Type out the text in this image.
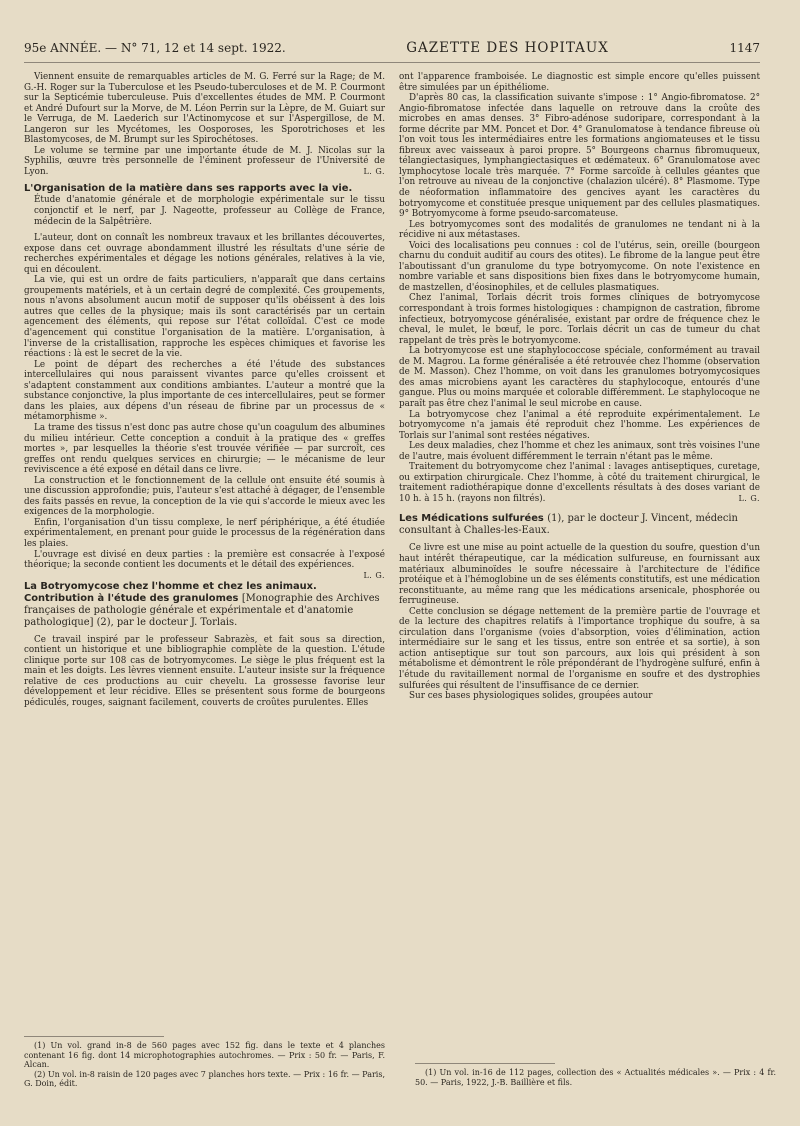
95e ANNÉE. — N° 71, 12 et 14 sept. 1922.	GAZETTE DES HOPITAUX	1147

Viennent ensuite de remarquables articles de M. G. Ferré sur la Rage; de M. G.-H. Roger sur la Tuberculose et les Pseudo-tuberculoses et de M. P. Courmont sur la Septicémie tuberculeuse. Puis d'excellentes études de MM. P. Courmont et André Dufourt sur la Morve, de M. Léon Perrin sur la Lèpre, de M. Guiart sur le Verruga, de M. Laederich sur l'Actinomycose et sur l'Aspergillose, de M. Langeron sur les Mycétomes, les Oosporoses, les Sporotrichoses et les Blastomycoses, de M. Brumpt sur les Spirochétoses.

Le volume se termine par une importante étude de M. J. Nicolas sur la Syphilis, œuvre très personnelle de l'éminent professeur de l'Université de Lyon.	L. G.

L'Organisation de la matière dans ses rapports avec la vie.
Étude d'anatomie générale et de morphologie expérimentale sur le tissu conjonctif et le nerf, par J. Nageotte, professeur au Collège de France, médecin de la Salpêtrière.

L'auteur, dont on connaît les nombreux travaux et les brillantes découvertes, expose dans cet ouvrage abondamment illustré les résultats d'une série de recherches expérimentales et dégage les notions générales, relatives à la vie, qui en découlent.

La vie, qui est un ordre de faits particuliers, n'apparaît que dans certains groupements matériels, et à un certain degré de complexité. Ces groupements, nous n'avons absolument aucun motif de supposer qu'ils obéissent à des lois autres que celles de la physique; mais ils sont caractérisés par un certain agencement des éléments, qui repose sur l'état colloïdal. C'est ce mode d'agencement qui constitue l'organisation de la matière. L'organisation, à l'inverse de la cristallisation, rapproche les espèces chimiques et favorise les réactions : là est le secret de la vie.

Le point de départ des recherches a été l'étude des substances intercellulaires qui nous paraissent vivantes parce qu'elles croissent et s'adaptent constamment aux conditions ambiantes. L'auteur a montré que la substance conjonctive, la plus importante de ces intercellulaires, peut se former dans les plaies, aux dépens d'un réseau de fibrine par un processus de « métamorphisme ».

La trame des tissus n'est donc pas autre chose qu'un coagulum des albumines du milieu intérieur. Cette conception a conduit à la pratique des « greffes mortes », par lesquelles la théorie s'est trouvée vérifiée — par surcroît, ces greffes ont rendu quelques services en chirurgie; — le mécanisme de leur reviviscence a été exposé en détail dans ce livre.

La construction et le fonctionnement de la cellule ont ensuite été soumis à une discussion approfondie; puis, l'auteur s'est attaché à dégager, de l'ensemble des faits passés en revue, la conception de la vie qui s'accorde le mieux avec les exigences de la morphologie.

Enfin, l'organisation d'un tissu complexe, le nerf périphérique, a été étudiée expérimentalement, en prenant pour guide le processus de la régénération dans les plaies.

L'ouvrage est divisé en deux parties : la première est consacrée à l'exposé théorique; la seconde contient les documents et le détail des expériences.
L. G.

La Botryomycose chez l'homme et chez les animaux. Contribution à l'étude des granulomes [Monographie des Archives françaises de pathologie générale et expérimentale et d'anatomie pathologique] (2), par le docteur J. Torlais.

Ce travail inspiré par le professeur Sabrazès, et fait sous sa direction, contient un historique et une bibliographie complète de la question. L'étude clinique porte sur 108 cas de botryomycomes. Le siège le plus fréquent est la main et les doigts. Les lèvres viennent ensuite. L'auteur insiste sur la fréquence relative de ces productions au cuir chevelu. La grossesse favorise leur développement et leur récidive. Elles se présentent sous forme de bourgeons pédiculés, rouges, saignant facilement, couverts de croûtes purulentes. Elles

ont l'apparence framboisée. Le diagnostic est simple encore qu'elles puissent être simulées par un épithéliome.

D'après 80 cas, la classification suivante s'impose : 1° Angio-fibromatose. 2° Angio-fibromatose infectée dans laquelle on retrouve dans la croûte des microbes en amas denses. 3° Fibro-adénose sudoripare, correspondant à la forme décrite par MM. Poncet et Dor. 4° Granulomatose à tendance fibreuse où l'on voit tous les intermédiaires entre les formations angiomateuses et le tissu fibreux avec vaisseaux à paroi propre. 5° Bourgeons charnus fibromuqueux, télangiectasiques, lymphangiectasiques et œdémateux. 6° Granulomatose avec lymphocytose locale très marquée. 7° Forme sarcoïde à cellules géantes que l'on retrouve au niveau de la conjonctive (chalazion ulcéré). 8° Plasmome. Type de néoformation inflammatoire des gencives ayant les caractères du botryomycome et constituée presque uniquement par des cellules plasmatiques. 9° Botryomycome à forme pseudo-sarcomateuse.

Les botryomycomes sont des modalités de granulomes ne tendant ni à la récidive ni aux métastases.

Voici des localisations peu connues : col de l'utérus, sein, oreille (bourgeon charnu du conduit auditif au cours des otites). Le fibrome de la langue peut être l'aboutissant d'un granulome du type botryomycome. On note l'existence en nombre variable et sans dispositions bien fixes dans le botryomycome humain, de mastzellen, d'éosinophiles, et de cellules plasmatiques.

Chez l'animal, Torlais décrit trois formes cliniques de botryomycose correspondant à trois formes histologiques : champignon de castration, fibrome infectieux, botryomycose généralisée, existant par ordre de fréquence chez le cheval, le mulet, le bœuf, le porc. Torlais décrit un cas de tumeur du chat rappelant de très près le botryomycome.

La botryomycose est une staphylococcose spéciale, conformément au travail de M. Magrou. La forme généralisée a été retrouvée chez l'homme (observation de M. Masson). Chez l'homme, on voit dans les granulomes botryomycosiques des amas microbiens ayant les caractères du staphylocoque, entourés d'une gangue. Plus ou moins marquée et colorable différemment. Le staphylocoque ne paraît pas être chez l'animal le seul microbe en cause.

La botryomycose chez l'animal a été reproduite expérimentalement. Le botryomycome n'a jamais été reproduit chez l'homme. Les expériences de Torlais sur l'animal sont restées négatives.

Les deux maladies, chez l'homme et chez les animaux, sont très voisines l'une de l'autre, mais évoluent différemment le terrain n'étant pas le même.

Traitement du botryomycome chez l'animal : lavages antiseptiques, curetage, ou extirpation chirurgicale. Chez l'homme, à côté du traitement chirurgical, le traitement radiothérapique donne d'excellents résultats à des doses variant de 10 h. à 15 h. (rayons non filtrés).	L. G.

Les Médications sulfurées (1), par le docteur J. Vincent, médecin consultant à Challes-les-Eaux.

Ce livre est une mise au point actuelle de la question du soufre, question d'un haut intérêt thérapeutique, car la médication sulfureuse, en fournissant aux matériaux albuminoïdes le soufre nécessaire à l'architecture de l'édifice protéique et à l'hémoglobine un de ses éléments constitutifs, est une médication reconstituante, au même rang que les médications arsenicale, phosphorée ou ferrugineuse.

Cette conclusion se dégage nettement de la première partie de l'ouvrage et de la lecture des chapitres relatifs à l'importance trophique du soufre, à sa circulation dans l'organisme (voies d'absorption, voies d'élimination, action intermédiaire sur le sang et les tissus, entre son entrée et sa sortie), à son action antiseptique sur tout son parcours, aux lois qui président à son métabolisme et démontrent le rôle prépondérant de l'hydrogène sulfuré, enfin à l'étude du ravitaillement normal de l'organisme en soufre et des dystrophies sulfurées qui résultent de l'insuffisance de ce dernier.

Sur ces bases physiologiques solides, groupées autour

(1) Un vol. grand in-8 de 560 pages avec 152 fig. dans le texte et 4 planches contenant 16 fig. dont 14 microphotographies autochromes. — Prix : 50 fr. — Paris, F. Alcan.

(2) Un vol. in-8 raisin de 120 pages avec 7 planches hors texte. — Prix : 16 fr. — Paris, G. Doin, édit.

(1) Un vol. in-16 de 112 pages, collection des « Actualités médicales ». — Prix : 4 fr. 50. — Paris, 1922, J.-B. Baillière et fils.
